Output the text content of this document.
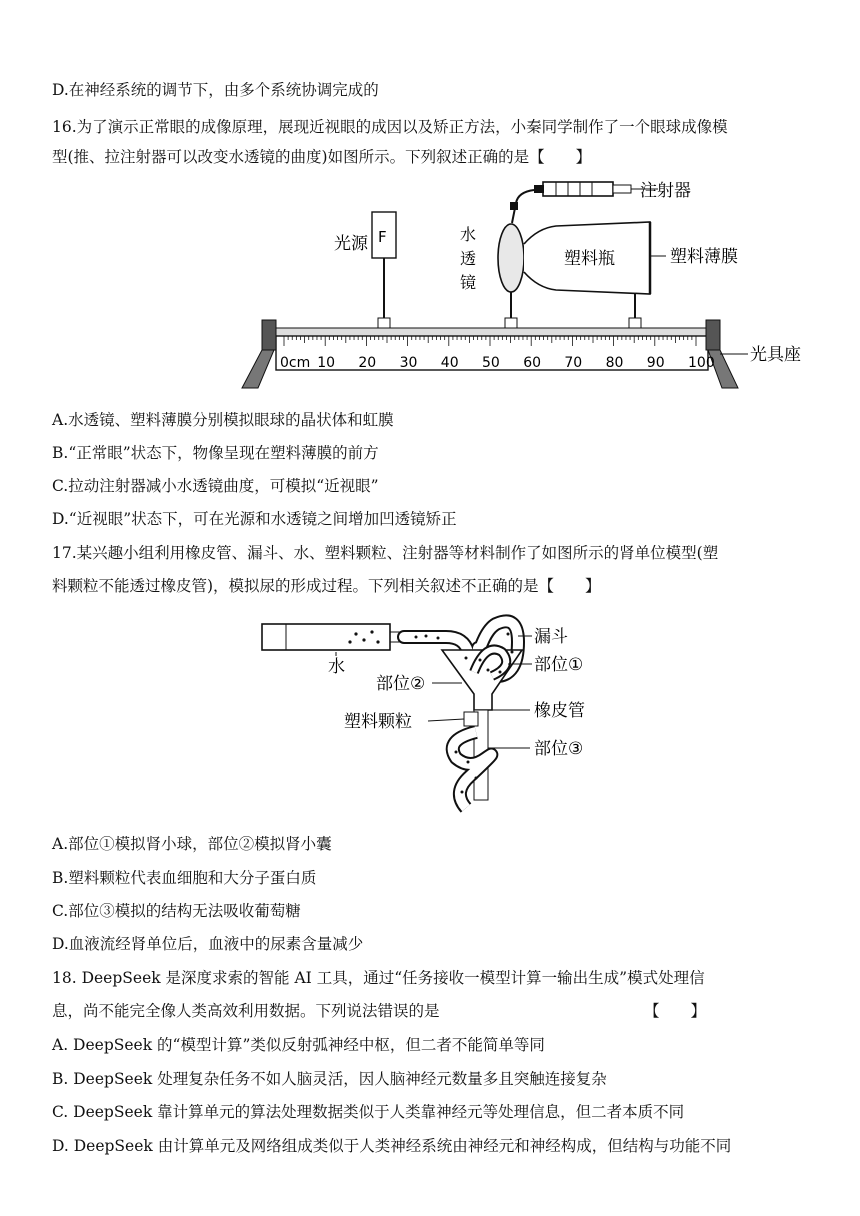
D.在神经系统的调节下，由多个系统协调完成的
16.为了演示正常眼的成像原理，展现近视眼的成因以及矫正方法，小秦同学制作了一个眼球成像模
型(推、拉注射器可以改变水透镜的曲度)如图所示。下列叙述正确的是【　　】
注射器
F
光源	水
透
镜
塑料瓶	塑料薄膜
0cm 10 20 30 40 50 60 70 80 90 100 光具座
A.水透镜、塑料薄膜分别模拟眼球的晶状体和虹膜
B.“正常眼”状态下，物像呈现在塑料薄膜的前方
C.拉动注射器减小水透镜曲度，可模拟“近视眼”
D.“近视眼”状态下，可在光源和水透镜之间增加凹透镜矫正
17.某兴趣小组利用橡皮管、漏斗、水、塑料颗粒、注射器等材料制作了如图所示的肾单位模型(塑
料颗粒不能透过橡皮管)，模拟尿的形成过程。下列相关叙述不正确的是【　　】
水
漏斗
部位①
部位②
塑料颗粒
橡皮管
部位③
A.部位①模拟肾小球，部位②模拟肾小囊
B.塑料颗粒代表血细胞和大分子蛋白质
C.部位③模拟的结构无法吸收葡萄糖
D.血液流经肾单位后，血液中的尿素含量减少
18. DeepSeek 是深度求索的智能 AI 工具，通过“任务接收一模型计算一输出生成”模式处理信
息，尚不能完全像人类高效利用数据。下列说法错误的是	【　　】
A. DeepSeek 的“模型计算”类似反射弧神经中枢，但二者不能简单等同
B. DeepSeek 处理复杂任务不如人脑灵活，因人脑神经元数量多且突触连接复杂
C. DeepSeek 靠计算单元的算法处理数据类似于人类靠神经元等处理信息，但二者本质不同
D. DeepSeek 由计算单元及网络组成类似于人类神经系统由神经元和神经构成，但结构与功能不同
